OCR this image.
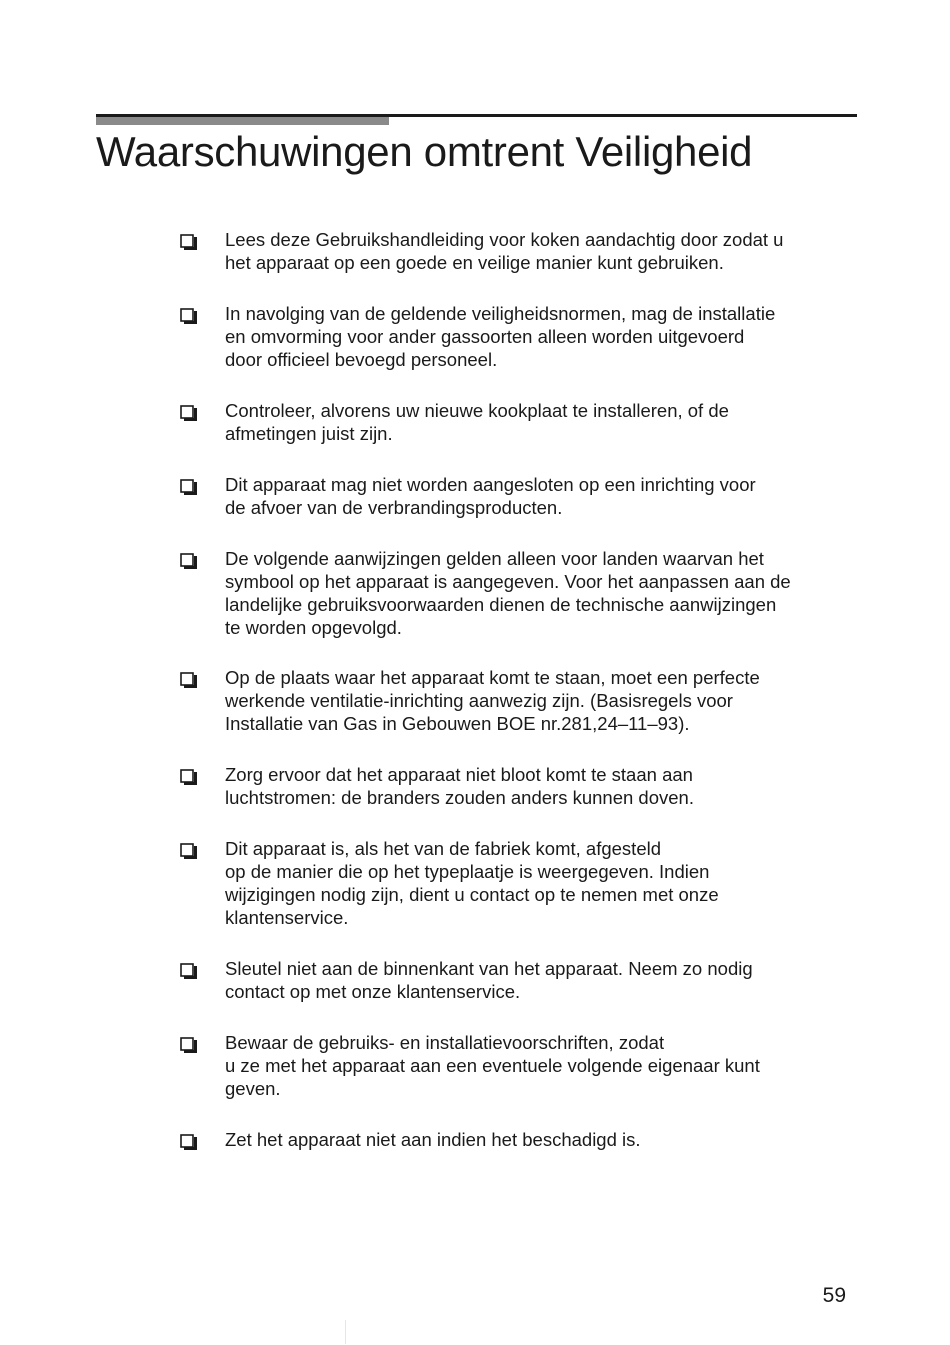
Waarschuwingen omtrent Veiligheid
Lees deze Gebruikshandleiding voor koken aandachtig door zodat u
het apparaat op een goede en veilige manier kunt gebruiken.
In navolging van de geldende veiligheidsnormen, mag de installatie
en omvorming voor ander gassoorten alleen worden uitgevoerd
door officieel bevoegd personeel.
Controleer, alvorens uw nieuwe kookplaat te installeren, of de
afmetingen juist zijn.
Dit apparaat mag niet worden aangesloten op een inrichting voor
de afvoer van de verbrandingsproducten.
De volgende aanwijzingen gelden alleen voor landen waarvan het
symbool op het apparaat is aangegeven. Voor het aanpassen aan de
landelijke gebruiksvoorwaarden dienen de technische aanwijzingen
te worden opgevolgd.
Op de plaats waar het apparaat komt te staan, moet een perfecte
werkende ventilatie-inrichting aanwezig zijn. (Basisregels voor
Installatie van Gas in Gebouwen BOE nr.281,24–11–93).
Zorg ervoor dat het apparaat niet bloot komt te staan aan
luchtstromen: de branders zouden anders kunnen doven.
Dit apparaat is, als het van de fabriek komt, afgesteld
op de manier die op het typeplaatje is weergegeven. Indien
wijzigingen nodig zijn, dient u contact op te nemen met onze
klantenservice.
Sleutel niet aan de binnenkant van het apparaat. Neem zo nodig
contact op met onze klantenservice.
Bewaar de gebruiks- en installatievoorschriften, zodat
u ze met het apparaat aan een eventuele volgende eigenaar kunt
geven.
Zet het apparaat niet aan indien het beschadigd is.
59
